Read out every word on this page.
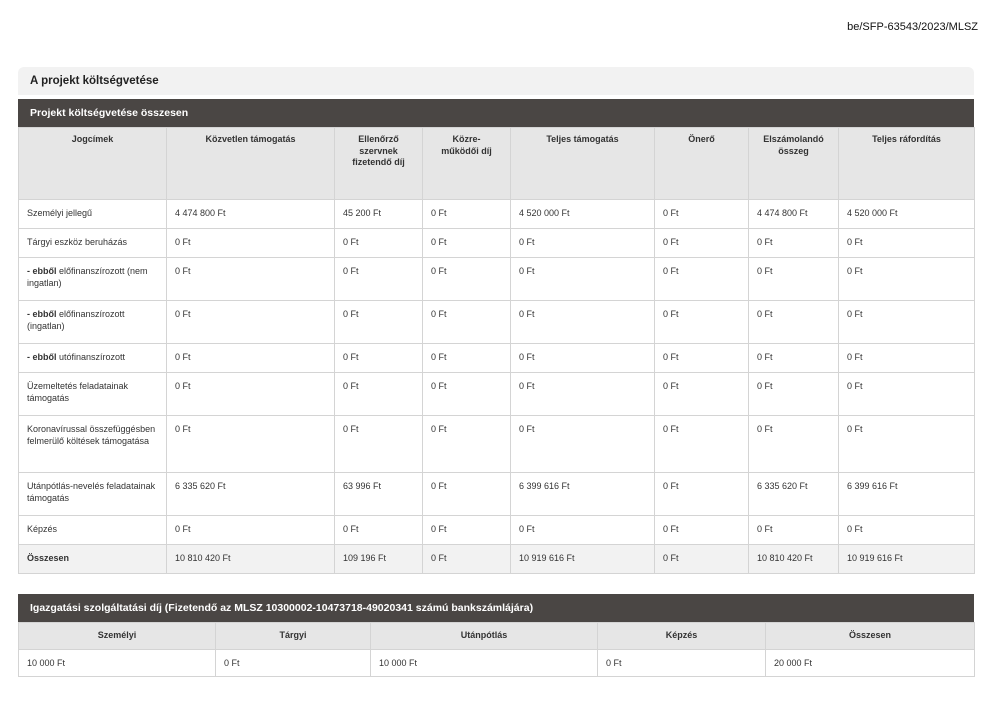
be/SFP-63543/2023/MLSZ
A projekt költségvetése
Projekt költségvetése összesen
Jogcímek	Közvetlen támogatás	Ellenőrző szervnek fizetendő díj	Közre-működői díj	Teljes támogatás	Önerő	Elszámolandó összeg	Teljes ráfordítás
Személyi jellegű	4 474 800 Ft	45 200 Ft	0 Ft	4 520 000 Ft	0 Ft	4 474 800 Ft	4 520 000 Ft
Tárgyi eszköz beruházás	0 Ft	0 Ft	0 Ft	0 Ft	0 Ft	0 Ft	0 Ft
- ebből előfinanszírozott (nem ingatlan)	0 Ft	0 Ft	0 Ft	0 Ft	0 Ft	0 Ft	0 Ft
- ebből előfinanszírozott (ingatlan)	0 Ft	0 Ft	0 Ft	0 Ft	0 Ft	0 Ft	0 Ft
- ebből utófinanszírozott	0 Ft	0 Ft	0 Ft	0 Ft	0 Ft	0 Ft	0 Ft
Üzemeltetés feladatainak támogatás	0 Ft	0 Ft	0 Ft	0 Ft	0 Ft	0 Ft	0 Ft
Koronavírussal összefüggésben felmerülő költések támogatása	0 Ft	0 Ft	0 Ft	0 Ft	0 Ft	0 Ft	0 Ft
Utánpótlás-nevelés feladatainak támogatás	6 335 620 Ft	63 996 Ft	0 Ft	6 399 616 Ft	0 Ft	6 335 620 Ft	6 399 616 Ft
Képzés	0 Ft	0 Ft	0 Ft	0 Ft	0 Ft	0 Ft	0 Ft
Összesen	10 810 420 Ft	109 196 Ft	0 Ft	10 919 616 Ft	0 Ft	10 810 420 Ft	10 919 616 Ft
Igazgatási szolgáltatási díj (Fizetendő az MLSZ 10300002-10473718-49020341 számú bankszámlájára)
Személyi	Tárgyi	Utánpótlás	Képzés	Összesen
10 000 Ft	0 Ft	10 000 Ft	0 Ft	20 000 Ft
